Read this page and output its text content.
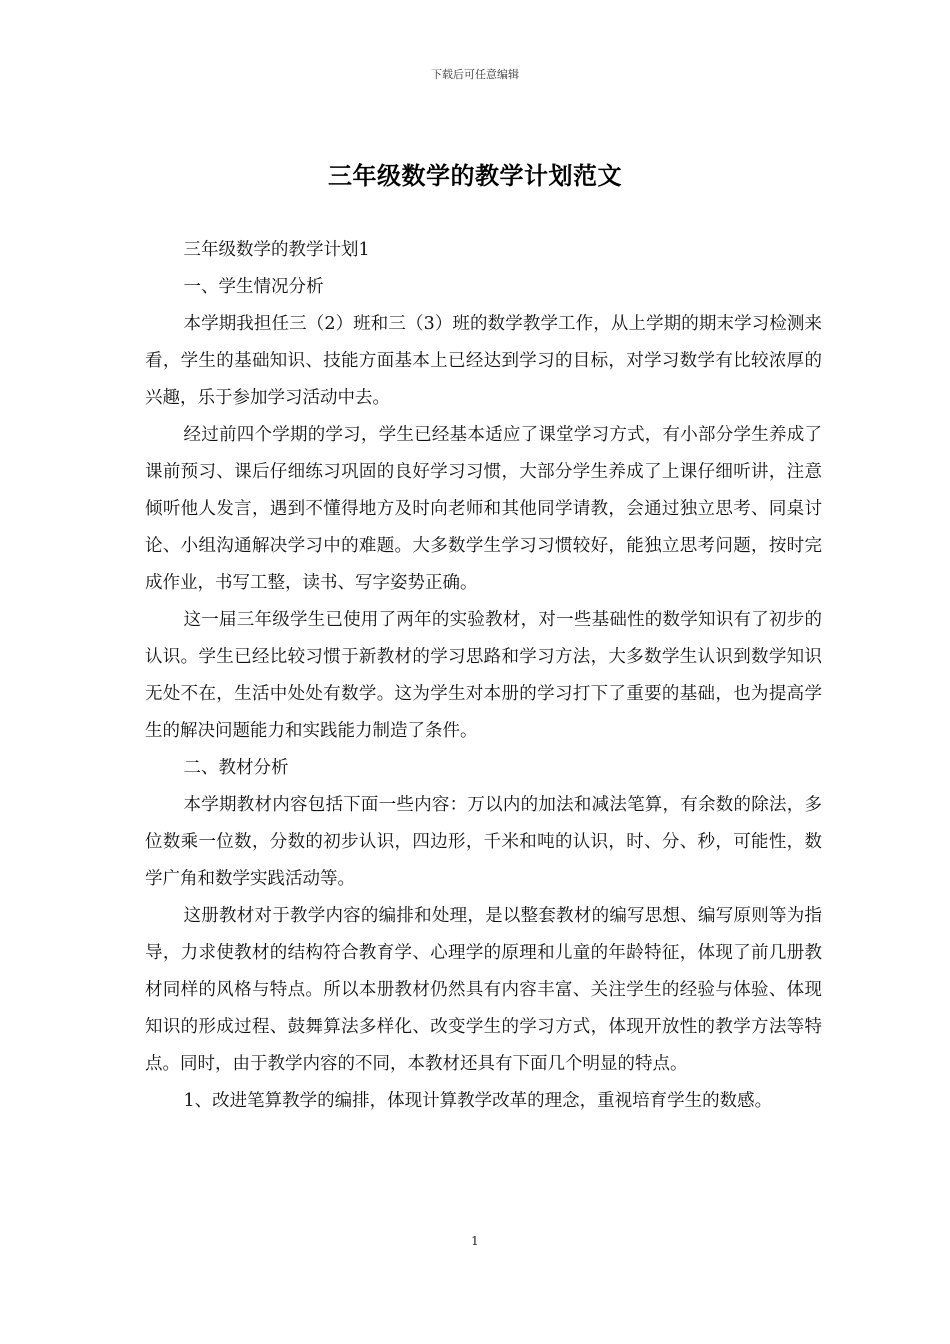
下载后可任意编辑
三年级数学的教学计划范文

三年级数学的教学计划1

一、学生情况分析

本学期我担任三（2）班和三（3）班的数学教学工作，从上学期的期末学习检测来看，学生的基础知识、技能方面基本上已经达到学习的目标，对学习数学有比较浓厚的兴趣，乐于参加学习活动中去。

经过前四个学期的学习，学生已经基本适应了课堂学习方式，有小部分学生养成了课前预习、课后仔细练习巩固的良好学习习惯，大部分学生养成了上课仔细听讲，注意倾听他人发言，遇到不懂得地方及时向老师和其他同学请教，会通过独立思考、同桌讨论、小组沟通解决学习中的难题。大多数学生学习习惯较好，能独立思考问题，按时完成作业，书写工整，读书、写字姿势正确。

这一届三年级学生已使用了两年的实验教材，对一些基础性的数学知识有了初步的认识。学生已经比较习惯于新教材的学习思路和学习方法，大多数学生认识到数学知识无处不在，生活中处处有数学。这为学生对本册的学习打下了重要的基础，也为提高学生的解决问题能力和实践能力制造了条件。

二、教材分析

本学期教材内容包括下面一些内容：万以内的加法和减法笔算，有余数的除法，多位数乘一位数，分数的初步认识，四边形，千米和吨的认识，时、分、秒，可能性，数学广角和数学实践活动等。

这册教材对于教学内容的编排和处理，是以整套教材的编写思想、编写原则等为指导，力求使教材的结构符合教育学、心理学的原理和儿童的年龄特征，体现了前几册教材同样的风格与特点。所以本册教材仍然具有内容丰富、关注学生的经验与体验、体现知识的形成过程、鼓舞算法多样化、改变学生的学习方式，体现开放性的教学方法等特点。同时，由于教学内容的不同，本教材还具有下面几个明显的特点。

1、改进笔算教学的编排，体现计算教学改革的理念，重视培育学生的数感。

1
